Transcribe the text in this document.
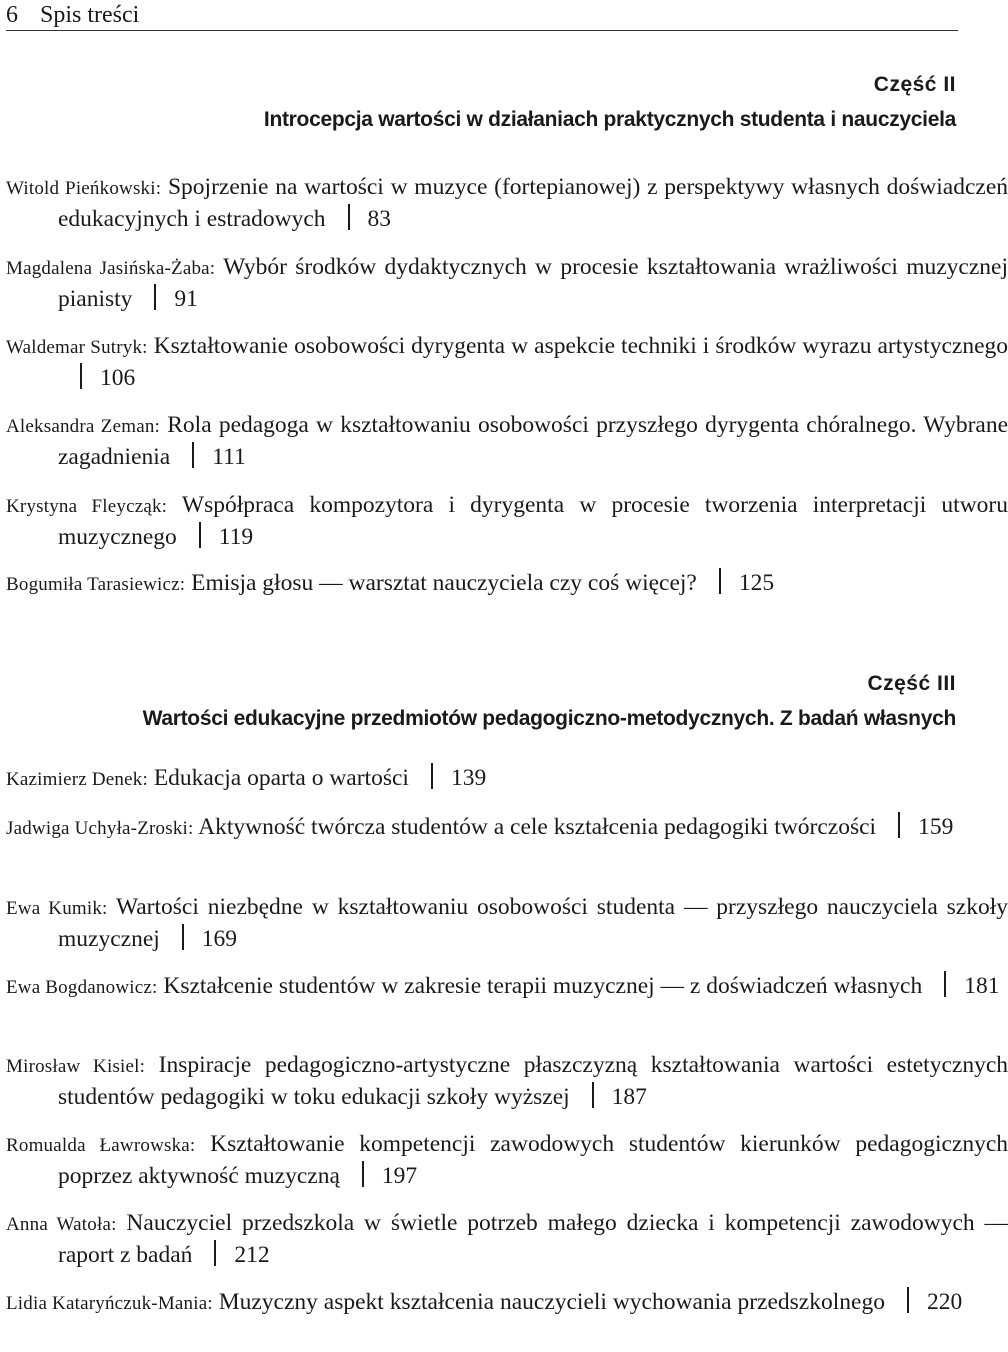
6 Spis treści
Część II
Introcepcja wartości w działaniach praktycznych studenta i nauczyciela
Witold Pieńkowski: Spojrzenie na wartości w muzyce (fortepianowej) z perspektywy własnych doświadczeń edukacyjnych i estradowych 83
Magdalena Jasińska-Żaba: Wybór środków dydaktycznych w procesie kształtowania wrażliwości muzycznej pianisty 91
Waldemar Sutryk: Kształtowanie osobowości dyrygenta w aspekcie techniki i środków wyrazu artystycznego106
Aleksandra Zeman: Rola pedagoga w kształtowaniu osobowości przyszłego dyrygenta chóralnego. Wybrane zagadnienia 111
Krystyna Fleycząk: Współpraca kompozytora i dyrygenta w procesie tworzenia interpretacji utworu muzycznego 119
Bogumiła Tarasiewicz: Emisja głosu — warsztat nauczyciela czy coś więcej? 125
Część III
Wartości edukacyjne przedmiotów pedagogiczno-metodycznych. Z badań własnych
Kazimierz Denek: Edukacja oparta o wartości 139
Jadwiga Uchyła-Zroski: Aktywność twórcza studentów a cele kształcenia pedagogiki twórczości 159
Ewa Kumik: Wartości niezbędne w kształtowaniu osobowości studenta — przyszłego nauczyciela szkoły muzycznej 169
Ewa Bogdanowicz: Kształcenie studentów w zakresie terapii muzycznej — z doświadczeń własnych 181
Mirosław Kisiel: Inspiracje pedagogiczno-artystyczne płaszczyzną kształtowania wartości estetycznych studentów pedagogiki w toku edukacji szkoły wyższej 187
Romualda Ławrowska: Kształtowanie kompetencji zawodowych studentów kierunków pedagogicznych poprzez aktywność muzyczną 197
Anna Watoła: Nauczyciel przedszkola w świetle potrzeb małego dziecka i kompetencji zawodowych — raport z badań 212
Lidia Kataryńczuk-Mania: Muzyczny aspekt kształcenia nauczycieli wychowania przedszkolnego 220
